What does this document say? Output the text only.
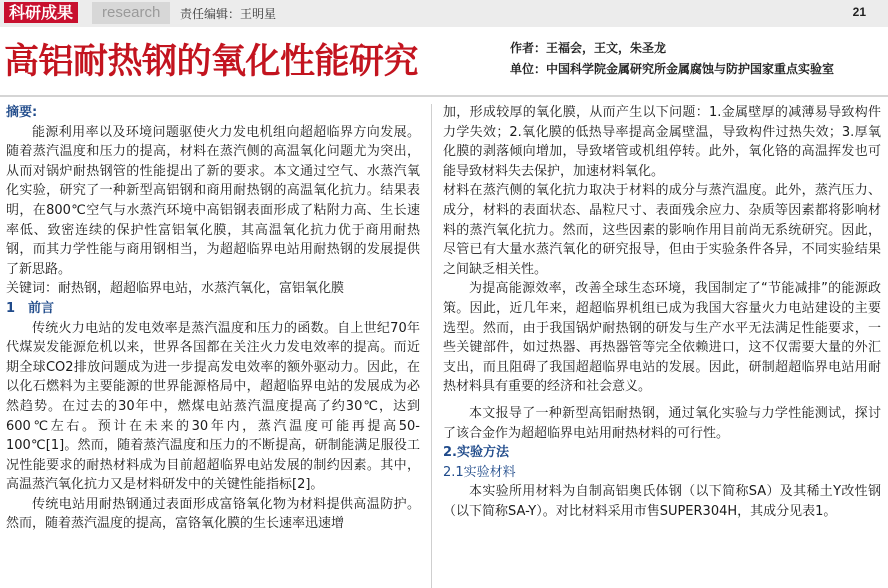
科研成果	research	责任编辑：王明星	21
高铝耐热钢的氧化性能研究	作者：王福会，王文，朱圣龙
单位：中国科学院金属研究所金属腐蚀与防护国家重点实验室
摘要:

能源利用率以及环境问题驱使火力发电机组向超超临界方向发展。随着蒸汽温度和压力的提高，材料在蒸汽侧的高温氧化问题尤为突出，从而对锅炉耐热钢管的性能提出了新的要求。本文通过空气、水蒸汽氧化实验，研究了一种新型高铝钢和商用耐热钢的高温氧化抗力。结果表明，在800℃空气与水蒸汽环境中高铝钢表面形成了粘附力高、生长速率低、致密连续的保护性富铝氧化膜，其高温氧化抗力优于商用耐热钢，而其力学性能与商用钢相当，为超超临界电站用耐热钢的发展提供了新思路。

关键词：耐热钢，超超临界电站，水蒸汽氧化，富铝氧化膜

1　前言

传统火力电站的发电效率是蒸汽温度和压力的函数。自上世纪70年代煤炭发能源危机以来，世界各国都在关注火力发电效率的提高。而近期全球CO2排放问题成为进一步提高发电效率的额外驱动力。因此，在以化石燃料为主要能源的世界能源格局中，超超临界电站的发展成为必然趋势。在过去的30年中，燃煤电站蒸汽温度提高了约30℃，达到600℃左右。预计在未来的30年内，蒸汽温度可能再提高50-100℃[1]。然而，随着蒸汽温度和压力的不断提高，研制能满足服役工况性能要求的耐热材料成为目前超超临界电站发展的制约因素。其中，高温蒸汽氧化抗力又是材料研发中的关键性能指标[2]。

传统电站用耐热钢通过表面形成富铬氧化物为材料提供高温防护。然而，随着蒸汽温度的提高，富铬氧化膜的生长速率迅速增

加，形成较厚的氧化膜，从而产生以下问题：1.金属壁厚的减薄易导致构件力学失效；2.氧化膜的低热导率提高金属壁温，导致构件过热失效；3.厚氧化膜的剥落倾向增加，导致堵管或机组停转。此外，氧化铬的高温挥发也可能导致材料失去保护，加速材料氧化。

材料在蒸汽侧的氧化抗力取决于材料的成分与蒸汽温度。此外，蒸汽压力、成分，材料的表面状态、晶粒尺寸、表面残余应力、杂质等因素都将影响材料的蒸汽氧化抗力。然而，这些因素的影响作用目前尚无系统研究。因此，尽管已有大量水蒸汽氧化的研究报导，但由于实验条件各异，不同实验结果之间缺乏相关性。

为提高能源效率，改善全球生态环境，我国制定了“节能减排”的能源政策。因此，近几年来，超超临界机组已成为我国大容量火力电站建设的主要选型。然而，由于我国锅炉耐热钢的研发与生产水平无法满足性能要求，一些关键部件，如过热器、再热器管等完全依赖进口，这不仅需要大量的外汇支出，而且阻碍了我国超超临界电站的发展。因此，研制超超临界电站用耐热材料具有重要的经济和社会意义。

本文报导了一种新型高铝耐热钢，通过氧化实验与力学性能测试，探讨了该合金作为超超临界电站用耐热材料的可行性。

2.实验方法
2.1实验材料

本实验所用材料为自制高铝奥氏体钢（以下简称SA）及其稀土Y改性钢（以下简称SA-Y）。对比材料采用市售SUPER304H，其成分见表1。
